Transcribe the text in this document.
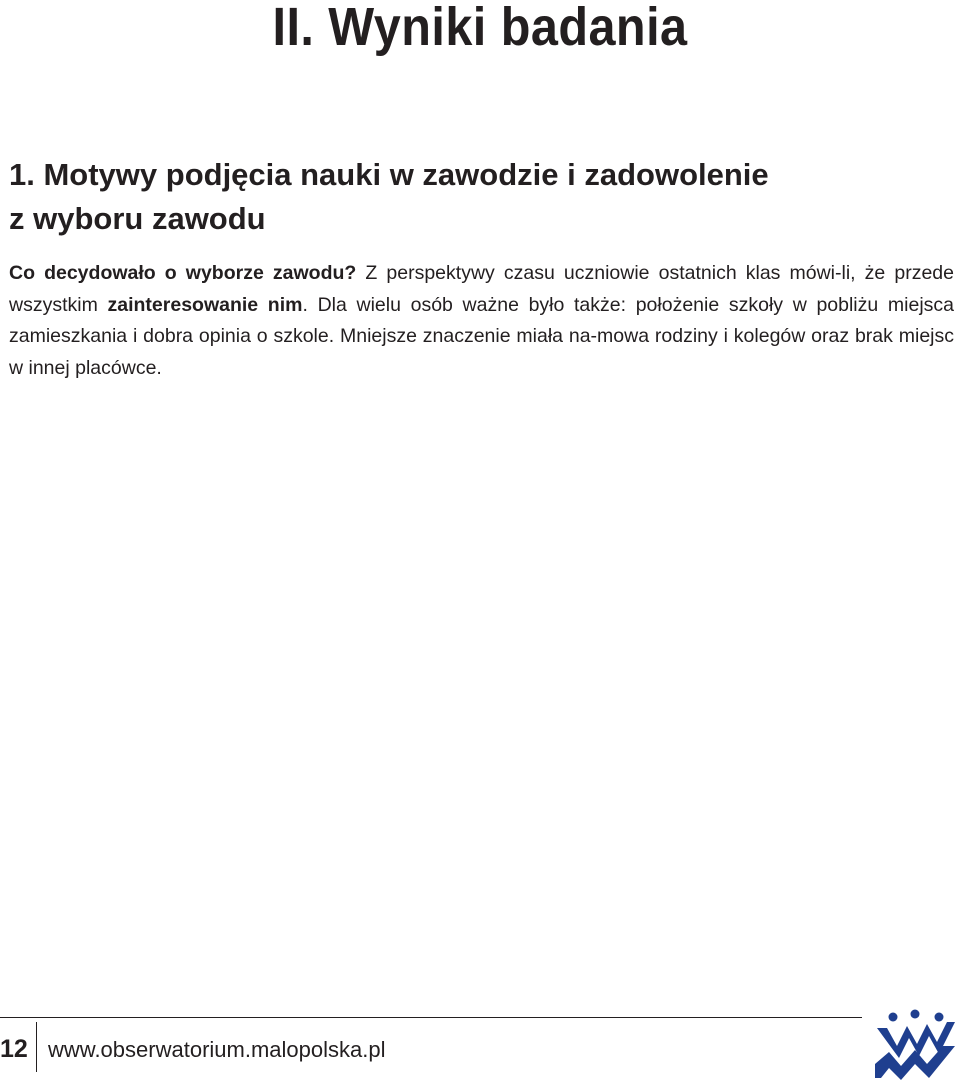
II. Wyniki badania
1. Motywy podjęcia nauki w zawodzie i zadowolenie
z wyboru zawodu

Co decydowało o wyborze zawodu? Z perspektywy czasu uczniowie ostatnich klas mówi-li, że przede wszystkim zainteresowanie nim. Dla wielu osób ważne było także: położenie szkoły w pobliżu miejsca zamieszkania i dobra opinia o szkole. Mniejsze znaczenie miała na-mowa rodziny i kolegów oraz brak miejsc w innej placówce.

12 www.obserwatorium.malopolska.pl
